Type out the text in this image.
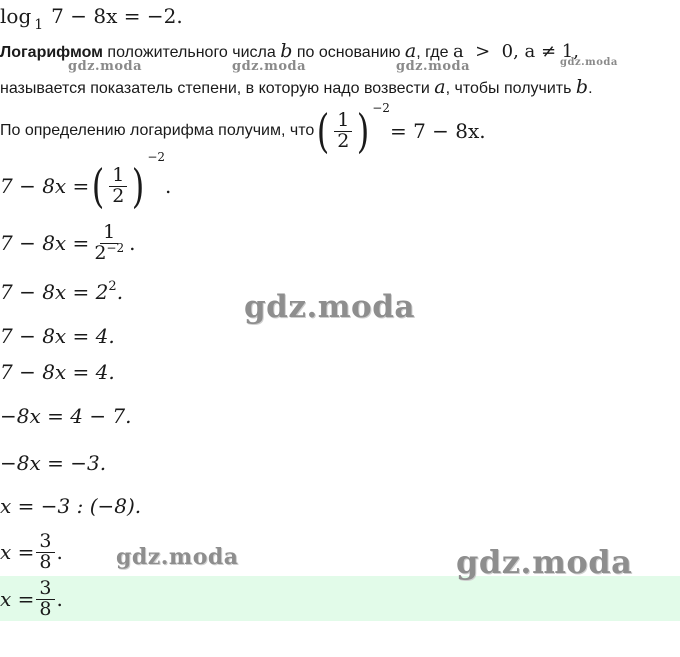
log $_1$ 7 − 8x = −2.
Логарифмом положительного числа b по основанию a, где a  >  0, a ≠ 1,
называется показатель степени, в которую надо возвести a, чтобы получить b.
По определению логарифма получим, что ( $\frac{1}{2}$ ) −2
= 7 − 8x.
7 − 8x = ( $\frac{1}{2}$ )
−2
.
$7 - 8x = \frac{1}{2^{-2}}$ .
$7 - 8x = 2^2$.
7 − 8x = 4.
7 − 8x = 4.
−8x = 4 − 7.
−8x = −3.
x = −3 : (−8).
$x = \frac{3}{8}$ .
$x = \frac{3}{8}$ .
gdz.moda	gdz.moda	gdz.moda	gdz.moda
gdz.moda
gdz.moda	gdz.moda
